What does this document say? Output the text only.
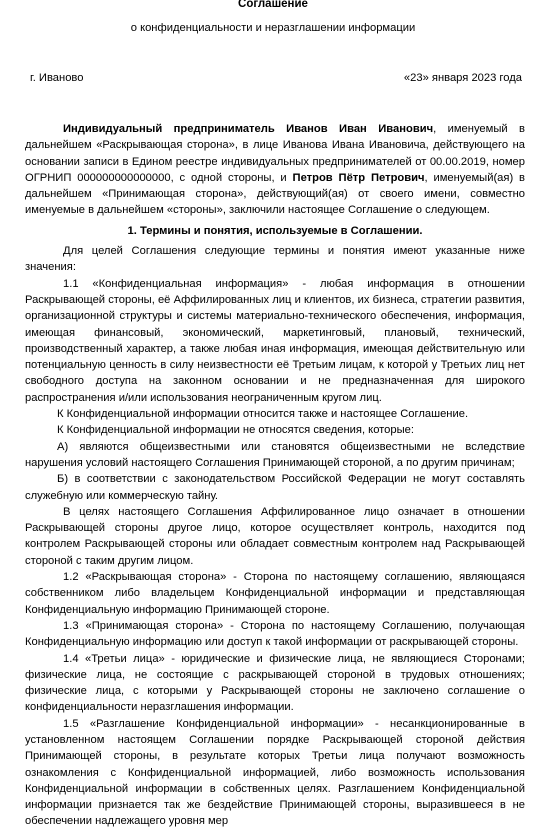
Соглашение
о конфиденциальности и неразглашении информации
г. Иваново	«23» января 2023 года

Индивидуальный предприниматель Иванов Иван Иванович, именуемый в дальнейшем «Раскрывающая сторона», в лице Иванова Ивана Ивановича, действующего на основании записи в Едином реестре индивидуальных предпринимателей от 00.00.2019, номер ОГРНИП 000000000000000, с одной стороны, и Петров Пётр Петрович, именуемый(ая) в дальнейшем «Принимающая сторона», действующий(ая) от своего имени, совместно именуемые в дальнейшем «стороны», заключили настоящее Соглашение о следующем.

1. Термины и понятия, используемые в Соглашении.

Для целей Соглашения следующие термины и понятия имеют указанные ниже значения:

1.1 «Конфиденциальная информация» - любая информация в отношении Раскрывающей стороны, её Аффилированных лиц и клиентов, их бизнеса, стратегии развития, организационной структуры и системы материально-технического обеспечения, информация, имеющая финансовый, экономический, маркетинговый, плановый, технический, производственный характер, а также любая иная информация, имеющая действительную или потенциальную ценность в силу неизвестности её Третьим лицам, к которой у Третьих лиц нет свободного доступа на законном основании и не предназначенная для широкого распространения и/или использования неограниченным кругом лиц.

К Конфиденциальной информации относится также и настоящее Соглашение.

К Конфиденциальной информации не относятся сведения, которые:

А) являются общеизвестными или становятся общеизвестными не вследствие нарушения условий настоящего Соглашения Принимающей стороной, а по другим причинам;

Б) в соответствии с законодательством Российской Федерации не могут составлять служебную или коммерческую тайну.

В целях настоящего Соглашения Аффилированное лицо означает в отношении Раскрывающей стороны другое лицо, которое осуществляет контроль, находится под контролем Раскрывающей стороны или обладает совместным контролем над Раскрывающей стороной с таким другим лицом.

1.2 «Раскрывающая сторона» - Сторона по настоящему соглашению, являющаяся собственником либо владельцем Конфиденциальной информации и представляющая Конфиденциальную информацию Принимающей стороне.

1.3 «Принимающая сторона» - Сторона по настоящему Соглашению, получающая Конфиденциальную информацию или доступ к такой информации от раскрывающей стороны.

1.4 «Третьи лица» - юридические и физические лица, не являющиеся Сторонами; физические лица, не состоящие с раскрывающей стороной в трудовых отношениях; физические лица, с которыми у Раскрывающей стороны не заключено соглашение о конфиденциальности неразглашения информации.

1.5 «Разглашение Конфиденциальной информации» - несанкционированные в установленном настоящем Соглашении порядке Раскрывающей стороной действия Принимающей стороны, в результате которых Третьи лица получают возможность ознакомления с Конфиденциальной информацией, либо возможность использования Конфиденциальной информации в собственных целях. Разглашением Конфиденциальной информации признается так же бездействие Принимающей стороны, выразившееся в не обеспечении надлежащего уровня мер
